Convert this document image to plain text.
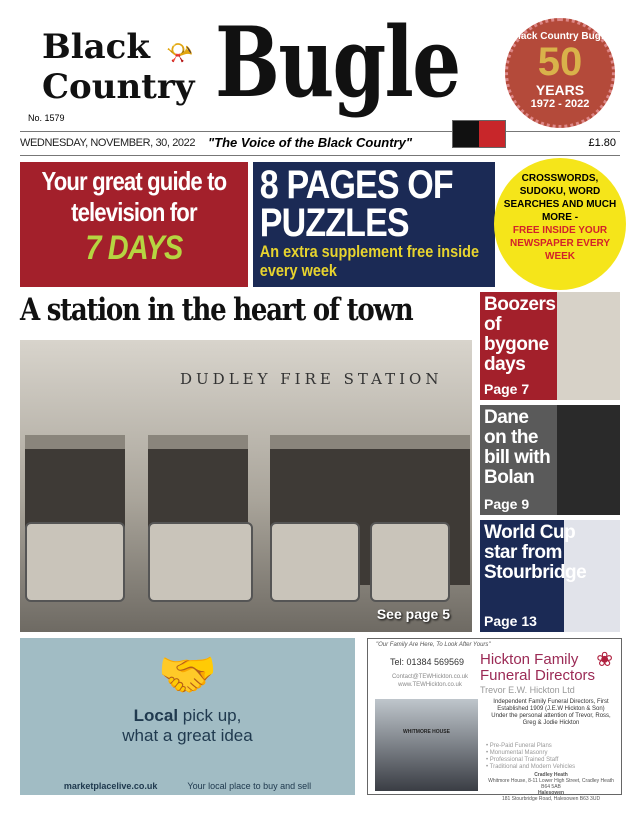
Black
Country
📯 Bugle
No. 1579
Black Country Bugle
50
YEARS
1972 - 2022
WEDNESDAY, NOVEMBER, 30, 2022 "The Voice of the Black Country"	£1.80
Your great guide to television for
7 DAYS
8 PAGES OF PUZZLES
An extra supplement free inside every week
CROSSWORDS, SUDOKU, WORD SEARCHES AND MUCH MORE -
FREE INSIDE YOUR NEWSPAPER EVERY WEEK
A station in the heart of town
DUDLEY FIRE STATION
See page 5
Boozers of bygone days
Page 7
Dane on the bill with Bolan
Page 9
World Cup star from Stourbridge
Page 13
🤝
Local pick up,
what a great idea
marketplacelive.co.uk	Your local place to buy and sell
"Our Family Are Here, To Look After Yours"
Tel: 01384 569569
Contact@TEWHickton.co.uk
www.TEWHickton.co.uk
Hickton Family
Funeral Directors
❀
Trevor E.W. Hickton Ltd
WHITMORE HOUSE
Independent Family Funeral Directors, First Established 1909 (J.E.W Hickton & Son)
Under the personal attention of Trevor, Ross, Greg & Jodie Hickton
• Pre-Paid Funeral Plans
• Monumental Masonry
• Professional Trained Staff
• Traditional and Modern Vehicles
Cradley Heath
Whitmore House, 8-11 Lower High Street, Cradley Heath B64 5AB
Halesowen
181 Stourbridge Road, Halesowen B63 3UD
